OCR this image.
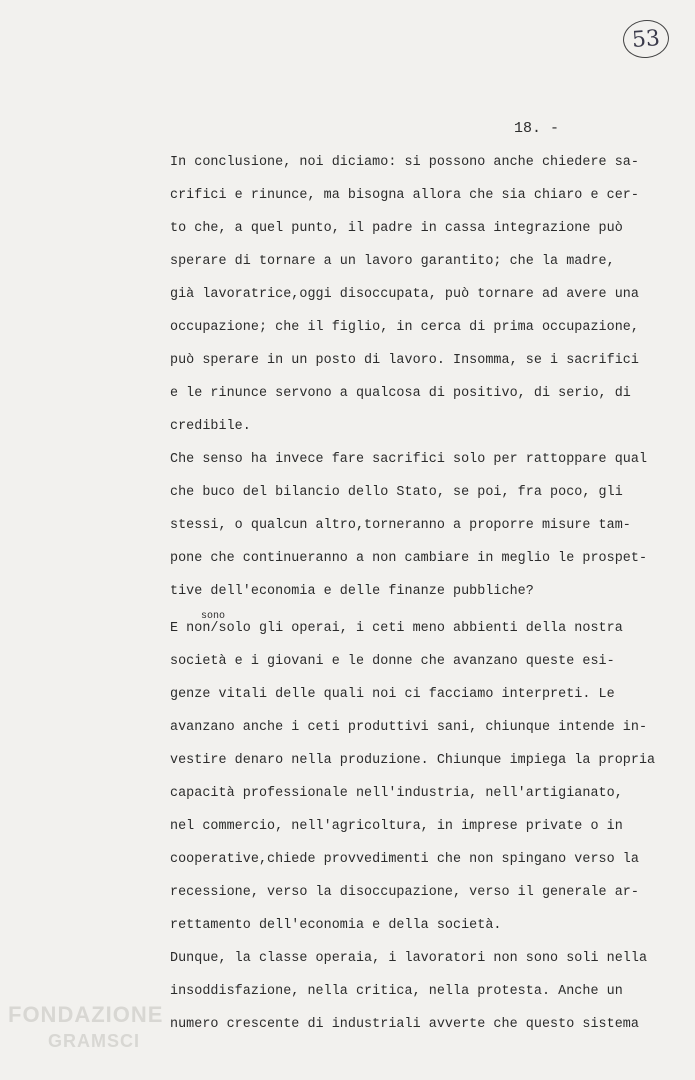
53
18. -
In conclusione, noi diciamo: si possono anche chiedere sa-
crifici e rinunce, ma bisogna allora che sia chiaro e cer-
to che, a quel punto, il padre in cassa integrazione può
sperare di tornare a un lavoro garantito; che la madre,
già lavoratrice,oggi disoccupata, può tornare ad avere una
occupazione; che il figlio, in cerca di prima occupazione,
può sperare in un posto di lavoro. Insomma, se i sacrifici
e le rinunce servono a qualcosa di positivo, di serio, di
credibile.
Che senso ha invece fare sacrifici solo per rattoppare qual
che buco del bilancio dello Stato, se poi, fra poco, gli
stessi, o qualcun altro,torneranno a proporre misure tam-
pone che continueranno a non cambiare in meglio le prospet-
tive dell'economia e delle finanze pubbliche?
sono
E non/solo gli operai, i ceti meno abbienti della nostra
società e i giovani e le donne che avanzano queste esi-
genze vitali delle quali noi ci facciamo interpreti. Le
avanzano anche i ceti produttivi sani, chiunque intende in-
vestire denaro nella produzione. Chiunque impiega la propria
capacità professionale nell'industria, nell'artigianato,
nel commercio, nell'agricoltura, in imprese private o in
cooperative,chiede provvedimenti che non spingano verso la
recessione, verso la disoccupazione, verso il generale ar-
rettamento dell'economia e della società.
Dunque, la classe operaia, i lavoratori non sono soli nella
insoddisfazione, nella critica, nella protesta. Anche un
numero crescente di industriali avverte che questo sistema
FONDAZIONE
GRAMSCI
